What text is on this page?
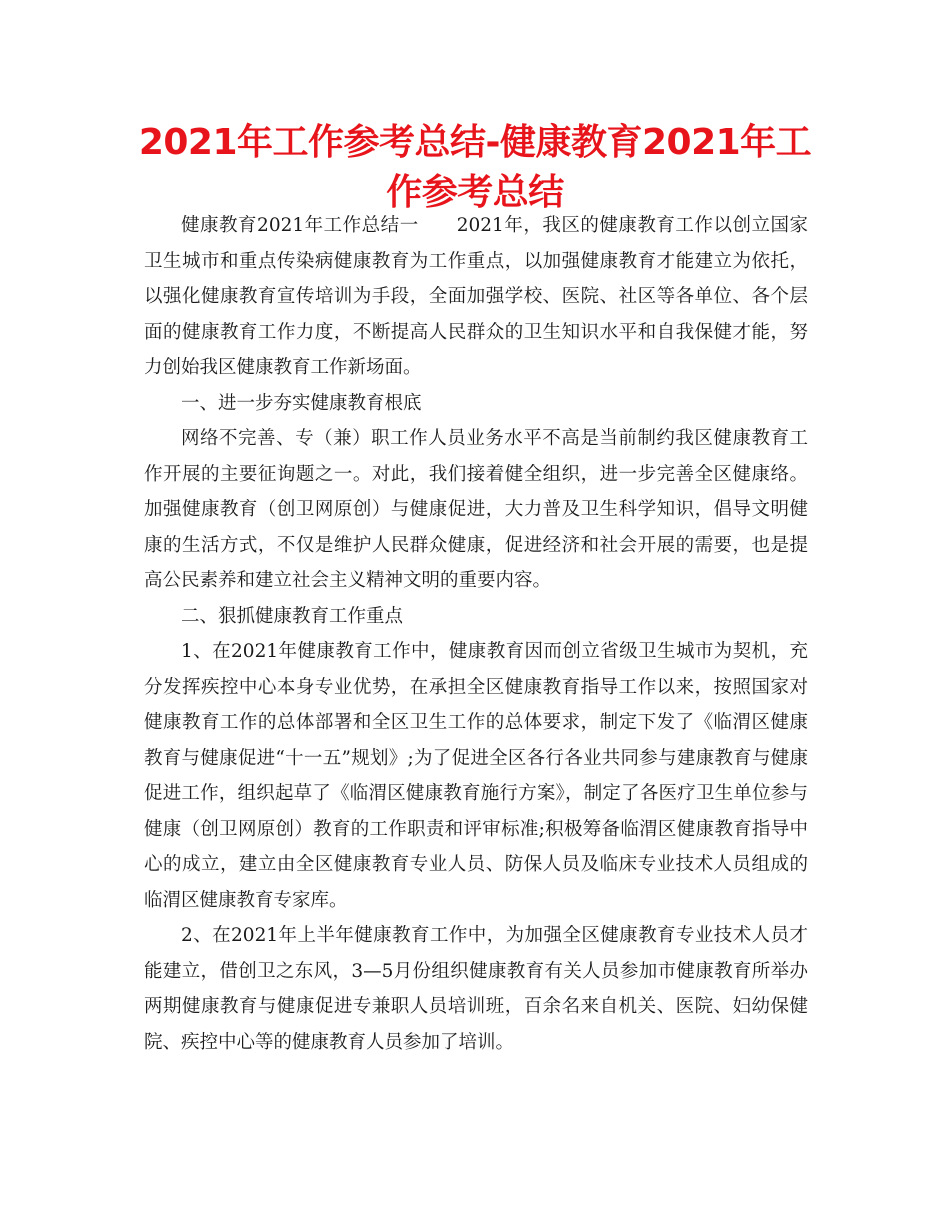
2021年工作参考总结-健康教育2021年工作参考总结

健康教育2021年工作总结一　　2021年，我区的健康教育工作以创立国家卫生城市和重点传染病健康教育为工作重点，以加强健康教育才能建立为依托，以强化健康教育宣传培训为手段，全面加强学校、医院、社区等各单位、各个层面的健康教育工作力度，不断提高人民群众的卫生知识水平和自我保健才能，努力创始我区健康教育工作新场面。

一、进一步夯实健康教育根底

网络不完善、专（兼）职工作人员业务水平不高是当前制约我区健康教育工作开展的主要征询题之一。对此，我们接着健全组织，进一步完善全区健康络。加强健康教育（创卫网原创）与健康促进，大力普及卫生科学知识，倡导文明健康的生活方式，不仅是维护人民群众健康，促进经济和社会开展的需要，也是提高公民素养和建立社会主义精神文明的重要内容。

二、狠抓健康教育工作重点

1、在2021年健康教育工作中，健康教育因而创立省级卫生城市为契机，充分发挥疾控中心本身专业优势，在承担全区健康教育指导工作以来，按照国家对健康教育工作的总体部署和全区卫生工作的总体要求，制定下发了《临渭区健康教育与健康促进“十一五”规划》;为了促进全区各行各业共同参与建康教育与健康促进工作，组织起草了《临渭区健康教育施行方案》，制定了各医疗卫生单位参与健康（创卫网原创）教育的工作职责和评审标准;积极筹备临渭区健康教育指导中心的成立，建立由全区健康教育专业人员、防保人员及临床专业技术人员组成的临渭区健康教育专家库。

2、在2021年上半年健康教育工作中，为加强全区健康教育专业技术人员才能建立，借创卫之东风，3—5月份组织健康教育有关人员参加市健康教育所举办两期健康教育与健康促进专兼职人员培训班，百余名来自机关、医院、妇幼保健院、疾控中心等的健康教育人员参加了培训。
